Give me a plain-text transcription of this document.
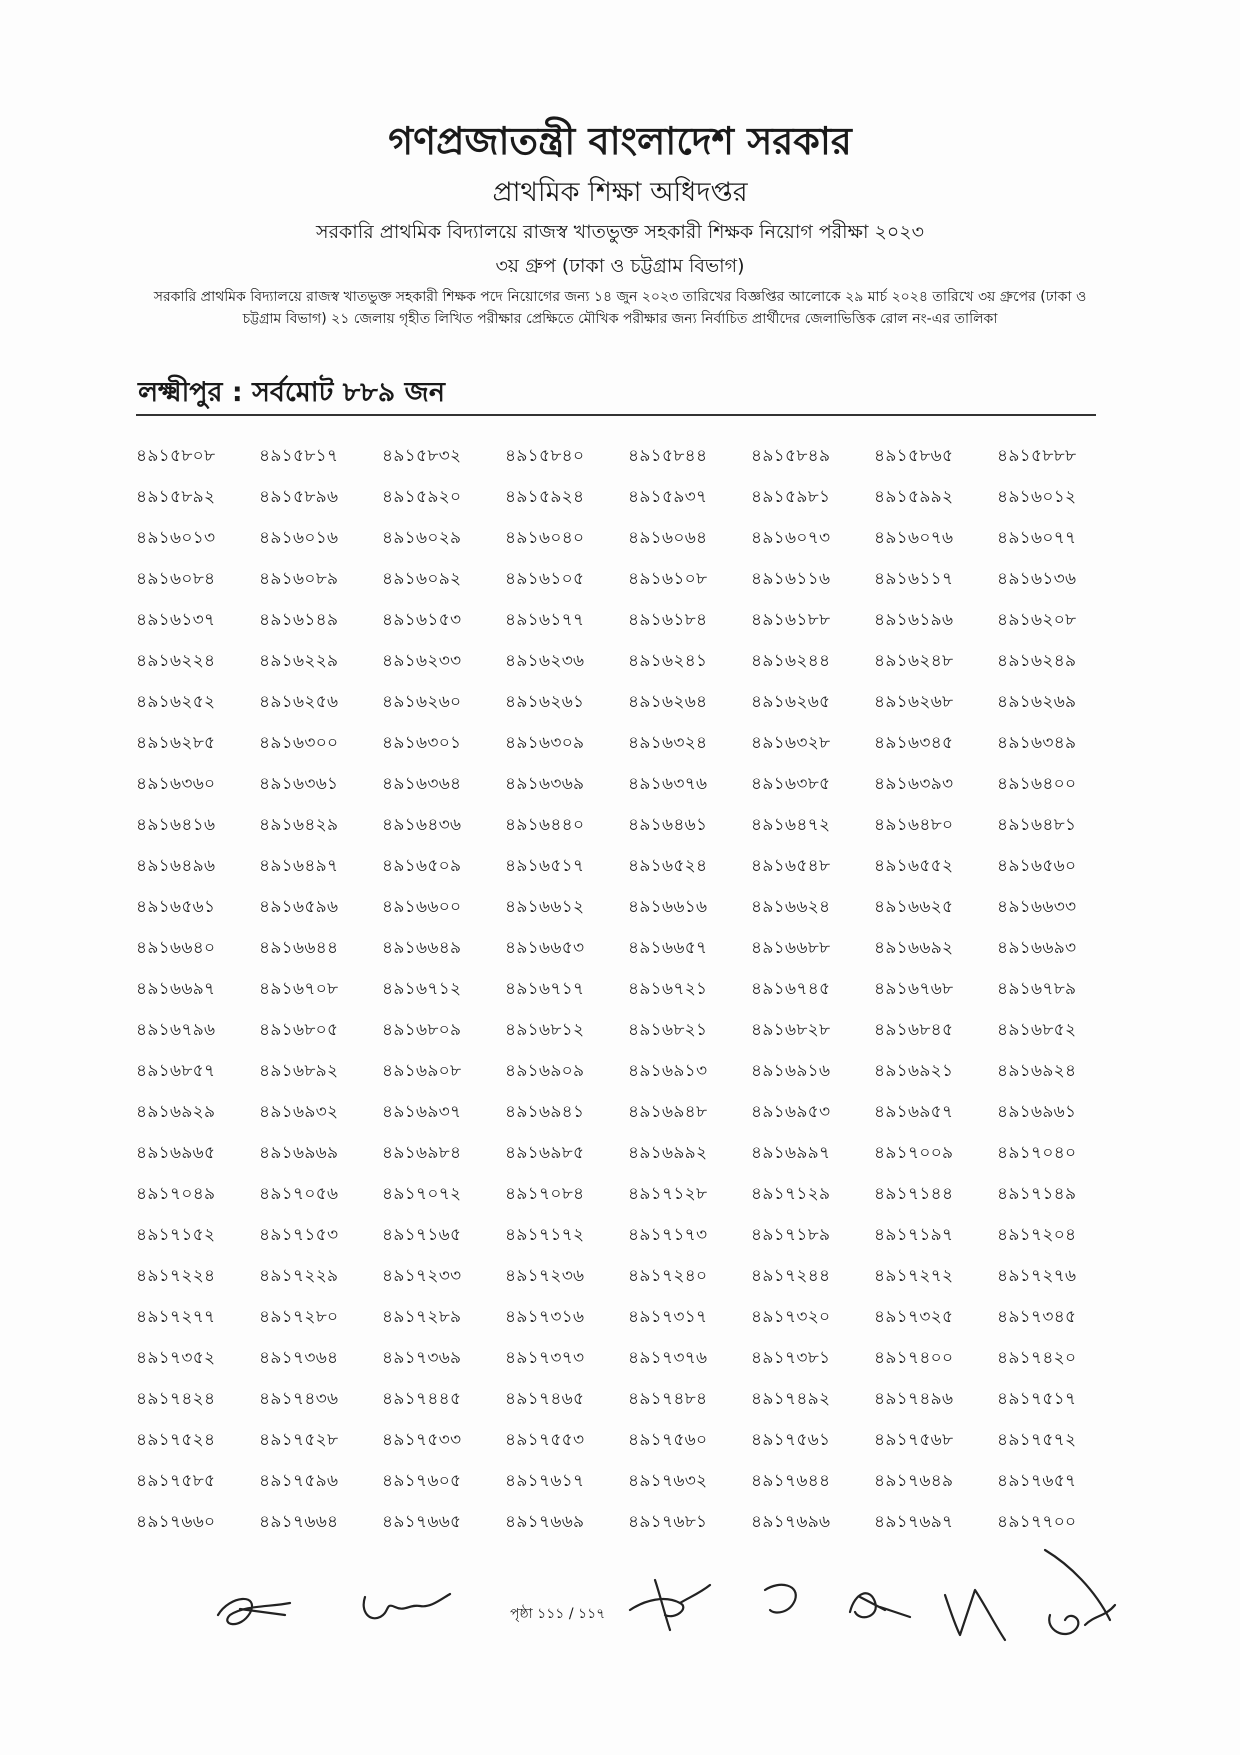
গণপ্রজাতন্ত্রী বাংলাদেশ সরকার
প্রাথমিক শিক্ষা অধিদপ্তর
সরকারি প্রাথমিক বিদ্যালয়ে রাজস্ব খাতভুক্ত সহকারী শিক্ষক নিয়োগ পরীক্ষা ২০২৩
৩য় গ্রুপ (ঢাকা ও চট্টগ্রাম বিভাগ)
সরকারি প্রাথমিক বিদ্যালয়ে রাজস্ব খাতভুক্ত সহকারী শিক্ষক পদে নিয়োগের জন্য ১৪ জুন ২০২৩ তারিখের বিজ্ঞপ্তির আলোকে ২৯ মার্চ ২০২৪ তারিখে ৩য় গ্রুপের (ঢাকা ও চট্টগ্রাম বিভাগ) ২১ জেলায় গৃহীত লিখিত পরীক্ষার প্রেক্ষিতে মৌখিক পরীক্ষার জন্য নির্বাচিত প্রার্থীদের জেলাভিত্তিক রোল নং-এর তালিকা
লক্ষ্মীপুর : সর্বমোট ৮৮৯ জন
৪৯১৫৮০৮	৪৯১৫৮১৭	৪৯১৫৮৩২	৪৯১৫৮৪০	৪৯১৫৮৪৪	৪৯১৫৮৪৯	৪৯১৫৮৬৫	৪৯১৫৮৮৮
৪৯১৫৮৯২	৪৯১৫৮৯৬	৪৯১৫৯২০	৪৯১৫৯২৪	৪৯১৫৯৩৭	৪৯১৫৯৮১	৪৯১৫৯৯২	৪৯১৬০১২
৪৯১৬০১৩	৪৯১৬০১৬	৪৯১৬০২৯	৪৯১৬০৪০	৪৯১৬০৬৪	৪৯১৬০৭৩	৪৯১৬০৭৬	৪৯১৬০৭৭
৪৯১৬০৮৪	৪৯১৬০৮৯	৪৯১৬০৯২	৪৯১৬১০৫	৪৯১৬১০৮	৪৯১৬১১৬	৪৯১৬১১৭	৪৯১৬১৩৬
৪৯১৬১৩৭	৪৯১৬১৪৯	৪৯১৬১৫৩	৪৯১৬১৭৭	৪৯১৬১৮৪	৪৯১৬১৮৮	৪৯১৬১৯৬	৪৯১৬২০৮
৪৯১৬২২৪	৪৯১৬২২৯	৪৯১৬২৩৩	৪৯১৬২৩৬	৪৯১৬২৪১	৪৯১৬২৪৪	৪৯১৬২৪৮	৪৯১৬২৪৯
৪৯১৬২৫২	৪৯১৬২৫৬	৪৯১৬২৬০	৪৯১৬২৬১	৪৯১৬২৬৪	৪৯১৬২৬৫	৪৯১৬২৬৮	৪৯১৬২৬৯
৪৯১৬২৮৫	৪৯১৬৩০০	৪৯১৬৩০১	৪৯১৬৩০৯	৪৯১৬৩২৪	৪৯১৬৩২৮	৪৯১৬৩৪৫	৪৯১৬৩৪৯
৪৯১৬৩৬০	৪৯১৬৩৬১	৪৯১৬৩৬৪	৪৯১৬৩৬৯	৪৯১৬৩৭৬	৪৯১৬৩৮৫	৪৯১৬৩৯৩	৪৯১৬৪০০
৪৯১৬৪১৬	৪৯১৬৪২৯	৪৯১৬৪৩৬	৪৯১৬৪৪০	৪৯১৬৪৬১	৪৯১৬৪৭২	৪৯১৬৪৮০	৪৯১৬৪৮১
৪৯১৬৪৯৬	৪৯১৬৪৯৭	৪৯১৬৫০৯	৪৯১৬৫১৭	৪৯১৬৫২৪	৪৯১৬৫৪৮	৪৯১৬৫৫২	৪৯১৬৫৬০
৪৯১৬৫৬১	৪৯১৬৫৯৬	৪৯১৬৬০০	৪৯১৬৬১২	৪৯১৬৬১৬	৪৯১৬৬২৪	৪৯১৬৬২৫	৪৯১৬৬৩৩
৪৯১৬৬৪০	৪৯১৬৬৪৪	৪৯১৬৬৪৯	৪৯১৬৬৫৩	৪৯১৬৬৫৭	৪৯১৬৬৮৮	৪৯১৬৬৯২	৪৯১৬৬৯৩
৪৯১৬৬৯৭	৪৯১৬৭০৮	৪৯১৬৭১২	৪৯১৬৭১৭	৪৯১৬৭২১	৪৯১৬৭৪৫	৪৯১৬৭৬৮	৪৯১৬৭৮৯
৪৯১৬৭৯৬	৪৯১৬৮০৫	৪৯১৬৮০৯	৪৯১৬৮১২	৪৯১৬৮২১	৪৯১৬৮২৮	৪৯১৬৮৪৫	৪৯১৬৮৫২
৪৯১৬৮৫৭	৪৯১৬৮৯২	৪৯১৬৯০৮	৪৯১৬৯০৯	৪৯১৬৯১৩	৪৯১৬৯১৬	৪৯১৬৯২১	৪৯১৬৯২৪
৪৯১৬৯২৯	৪৯১৬৯৩২	৪৯১৬৯৩৭	৪৯১৬৯৪১	৪৯১৬৯৪৮	৪৯১৬৯৫৩	৪৯১৬৯৫৭	৪৯১৬৯৬১
৪৯১৬৯৬৫	৪৯১৬৯৬৯	৪৯১৬৯৮৪	৪৯১৬৯৮৫	৪৯১৬৯৯২	৪৯১৬৯৯৭	৪৯১৭০০৯	৪৯১৭০৪০
৪৯১৭০৪৯	৪৯১৭০৫৬	৪৯১৭০৭২	৪৯১৭০৮৪	৪৯১৭১২৮	৪৯১৭১২৯	৪৯১৭১৪৪	৪৯১৭১৪৯
৪৯১৭১৫২	৪৯১৭১৫৩	৪৯১৭১৬৫	৪৯১৭১৭২	৪৯১৭১৭৩	৪৯১৭১৮৯	৪৯১৭১৯৭	৪৯১৭২০৪
৪৯১৭২২৪	৪৯১৭২২৯	৪৯১৭২৩৩	৪৯১৭২৩৬	৪৯১৭২৪০	৪৯১৭২৪৪	৪৯১৭২৭২	৪৯১৭২৭৬
৪৯১৭২৭৭	৪৯১৭২৮০	৪৯১৭২৮৯	৪৯১৭৩১৬	৪৯১৭৩১৭	৪৯১৭৩২০	৪৯১৭৩২৫	৪৯১৭৩৪৫
৪৯১৭৩৫২	৪৯১৭৩৬৪	৪৯১৭৩৬৯	৪৯১৭৩৭৩	৪৯১৭৩৭৬	৪৯১৭৩৮১	৪৯১৭৪০০	৪৯১৭৪২০
৪৯১৭৪২৪	৪৯১৭৪৩৬	৪৯১৭৪৪৫	৪৯১৭৪৬৫	৪৯১৭৪৮৪	৪৯১৭৪৯২	৪৯১৭৪৯৬	৪৯১৭৫১৭
৪৯১৭৫২৪	৪৯১৭৫২৮	৪৯১৭৫৩৩	৪৯১৭৫৫৩	৪৯১৭৫৬০	৪৯১৭৫৬১	৪৯১৭৫৬৮	৪৯১৭৫৭২
৪৯১৭৫৮৫	৪৯১৭৫৯৬	৪৯১৭৬০৫	৪৯১৭৬১৭	৪৯১৭৬৩২	৪৯১৭৬৪৪	৪৯১৭৬৪৯	৪৯১৭৬৫৭
৪৯১৭৬৬০	৪৯১৭৬৬৪	৪৯১৭৬৬৫	৪৯১৭৬৬৯	৪৯১৭৬৮১	৪৯১৭৬৯৬	৪৯১৭৬৯৭	৪৯১৭৭০০
পৃষ্ঠা ১১১ / ১১৭
